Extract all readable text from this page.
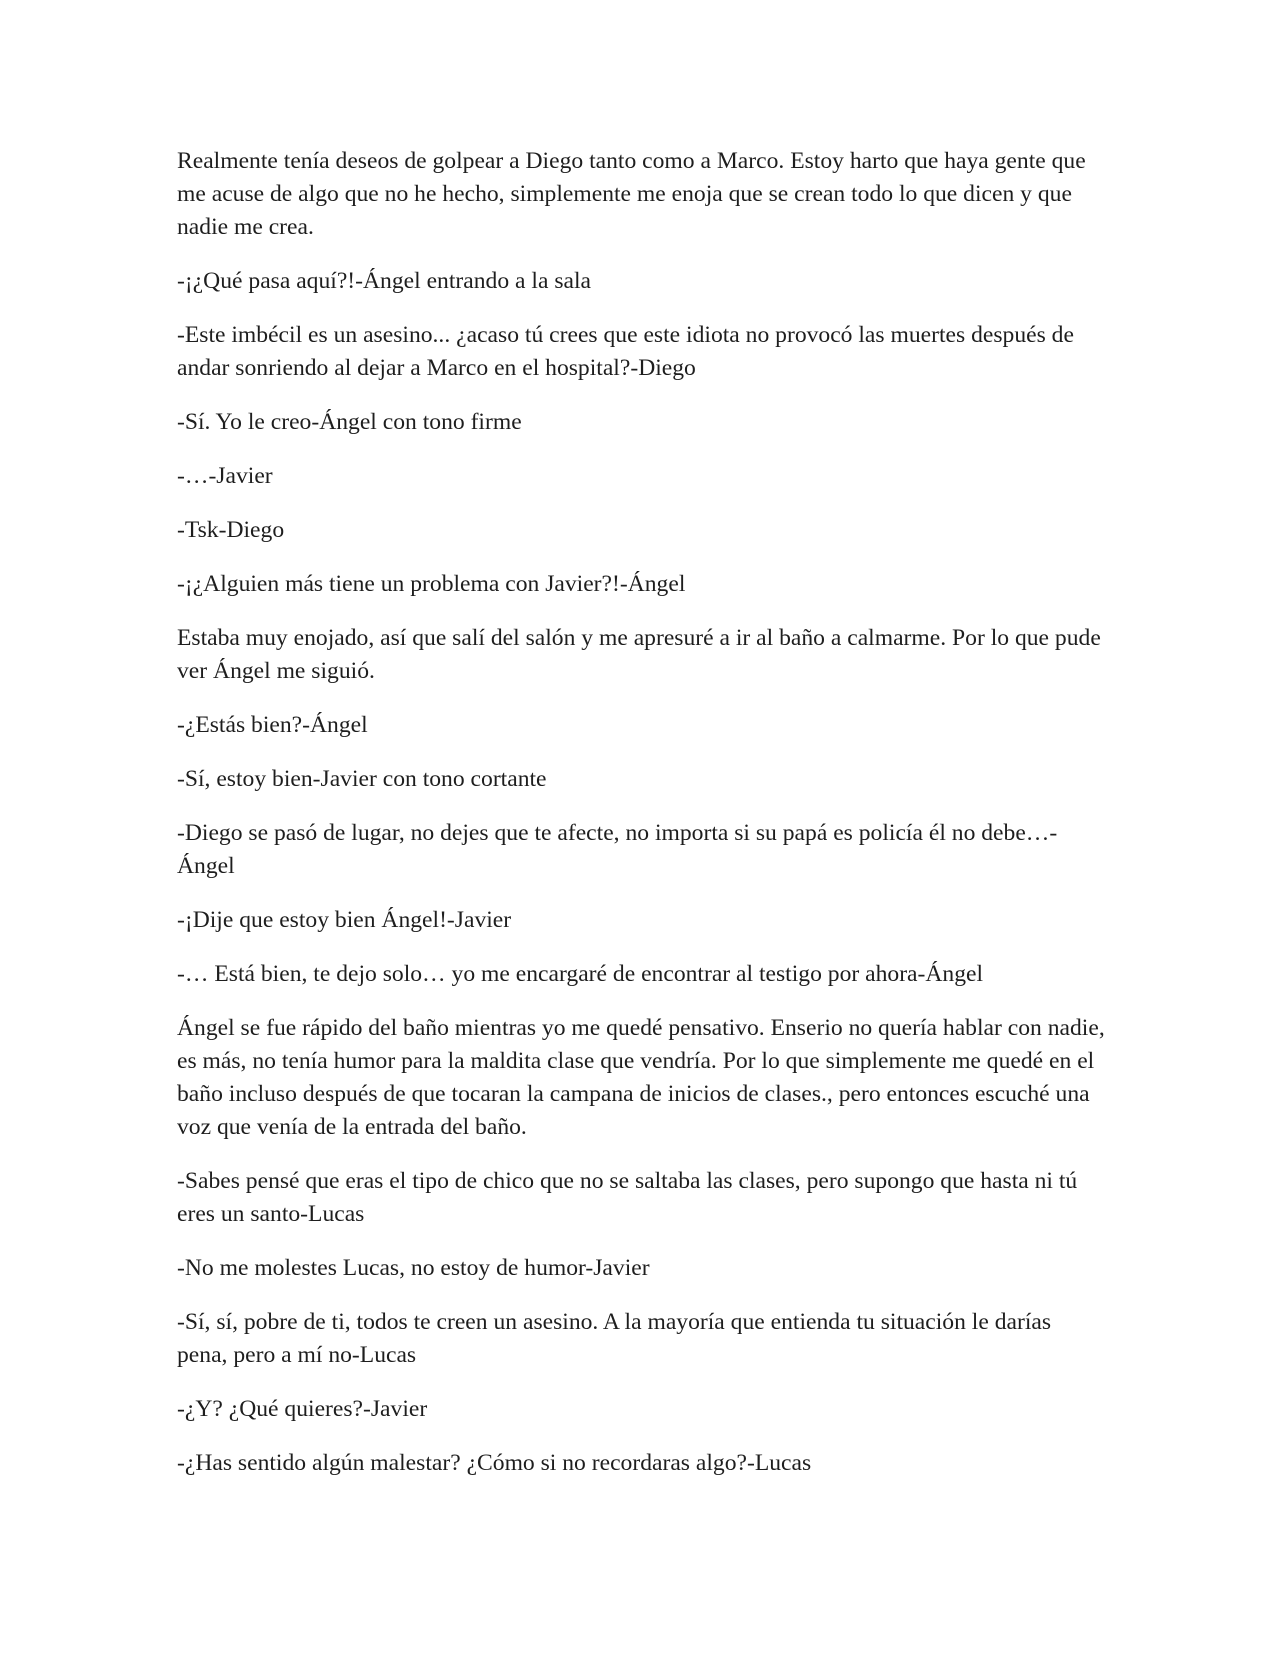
Realmente tenía deseos de golpear a Diego tanto como a Marco. Estoy harto que haya gente que me acuse de algo que no he hecho, simplemente me enoja que se crean todo lo que dicen y que nadie me crea.

-¡¿Qué pasa aquí?!-Ángel entrando a la sala

-Este imbécil es un asesino... ¿acaso tú crees que este idiota no provocó las muertes después de andar sonriendo al dejar a Marco en el hospital?-Diego

-Sí. Yo le creo-Ángel con tono firme

-…-Javier

-Tsk-Diego

-¡¿Alguien más tiene un problema con Javier?!-Ángel

Estaba muy enojado, así que salí del salón y me apresuré a ir al baño a calmarme. Por lo que pude ver Ángel me siguió.

-¿Estás bien?-Ángel

-Sí, estoy bien-Javier con tono cortante

-Diego se pasó de lugar, no dejes que te afecte, no importa si su papá es policía él no debe…-Ángel

-¡Dije que estoy bien Ángel!-Javier

-… Está bien, te dejo solo… yo me encargaré de encontrar al testigo por ahora-Ángel

Ángel se fue rápido del baño mientras yo me quedé pensativo. Enserio no quería hablar con nadie, es más, no tenía humor para la maldita clase que vendría. Por lo que simplemente me quedé en el baño incluso después de que tocaran la campana de inicios de clases., pero entonces escuché una voz que venía de la entrada del baño.

-Sabes pensé que eras el tipo de chico que no se saltaba las clases, pero supongo que hasta ni tú eres un santo-Lucas

-No me molestes Lucas, no estoy de humor-Javier

-Sí, sí, pobre de ti, todos te creen un asesino. A la mayoría que entienda tu situación le darías pena, pero a mí no-Lucas

-¿Y? ¿Qué quieres?-Javier

-¿Has sentido algún malestar? ¿Cómo si no recordaras algo?-Lucas
